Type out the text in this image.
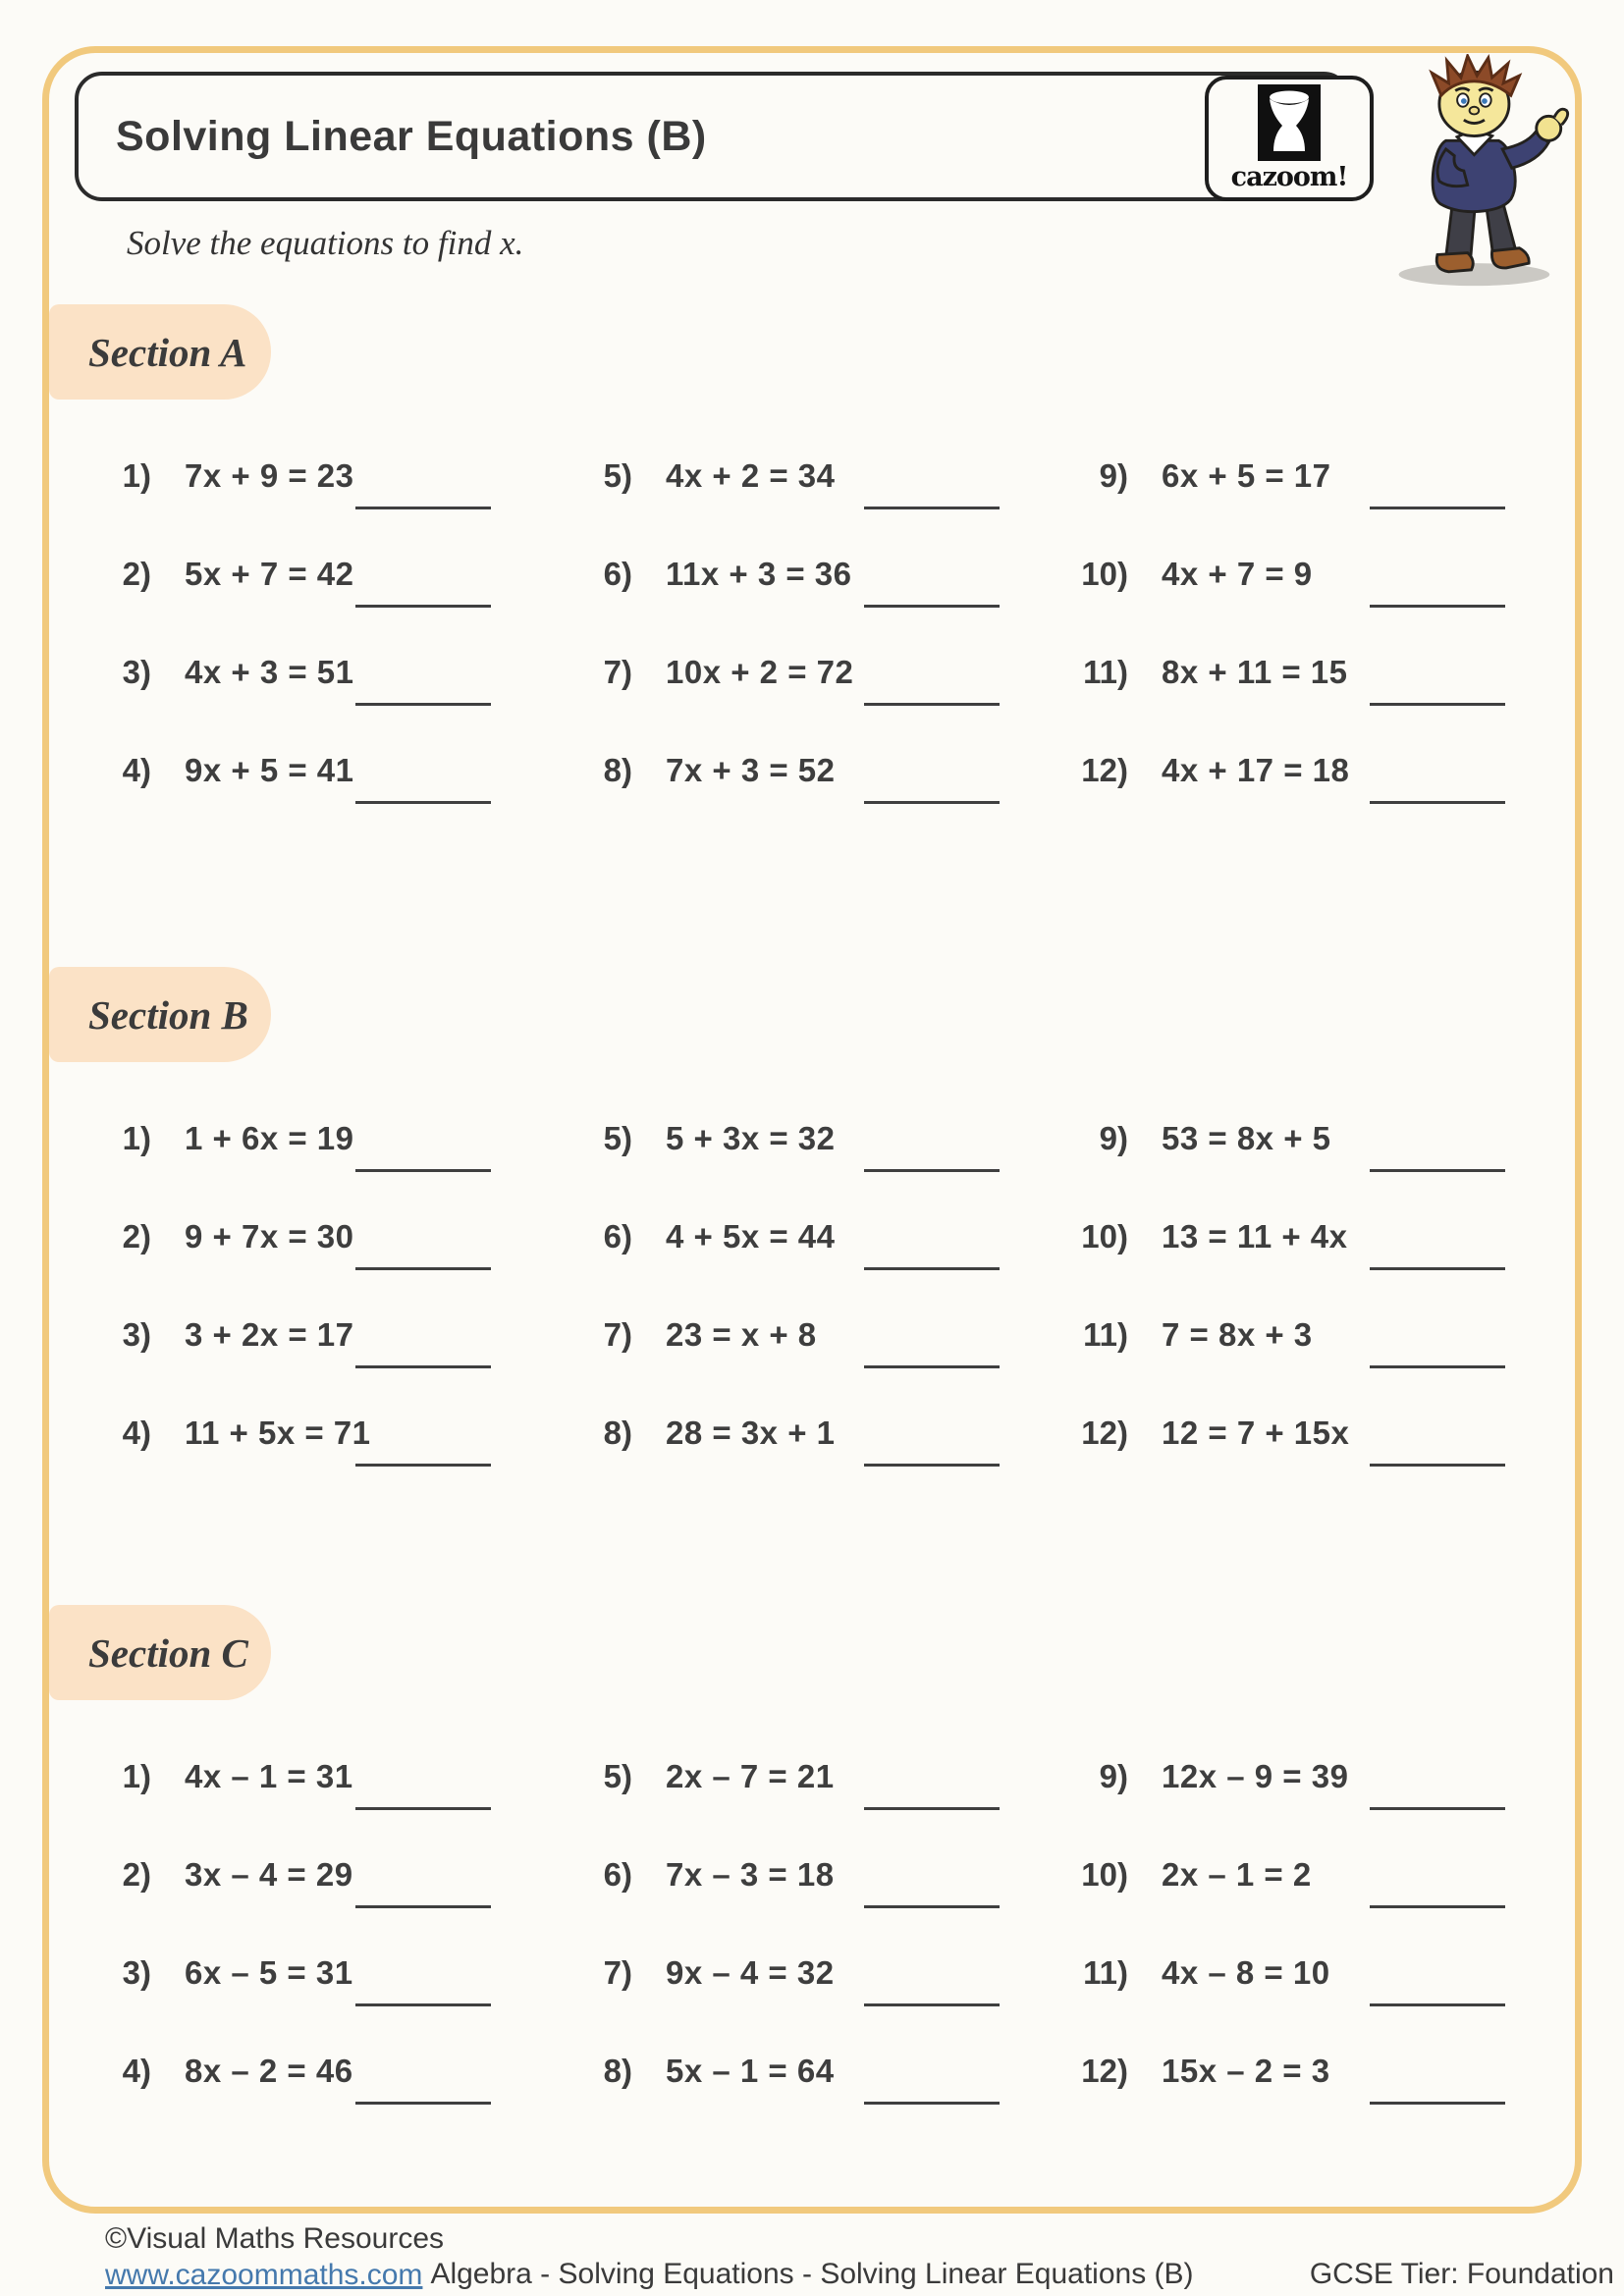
Solving Linear Equations (B)
cazoom!

Solve the equations to find x.

Section A
1) 7x + 9 = 23
2) 5x + 7 = 42
3) 4x + 3 = 51
4) 9x + 5 = 41
5) 4x + 2 = 34
6) 11x + 3 = 36
7) 10x + 2 = 72
8) 7x + 3 = 52
9) 6x + 5 = 17
10) 4x + 7 = 9
11) 8x + 11 = 15
12) 4x + 17 = 18
Section B
1) 1 + 6x = 19
2) 9 + 7x = 30
3) 3 + 2x = 17
4) 11 + 5x = 71
5) 5 + 3x = 32
6) 4 + 5x = 44
7) 23 = x + 8
8) 28 = 3x + 1
9) 53 = 8x + 5
10) 13 = 11 + 4x
11) 7 = 8x + 3
12) 12 = 7 + 15x
Section C
1) 4x – 1 = 31
2) 3x – 4 = 29
3) 6x – 5 = 31
4) 8x – 2 = 46
5) 2x – 7 = 21
6) 7x – 3 = 18
7) 9x – 4 = 32
8) 5x – 1 = 64
9) 12x – 9 = 39
10) 2x – 1 = 2
11) 4x – 8 = 10
12) 15x – 2 = 3
©Visual Maths Resources
www.cazoommaths.com Algebra - Solving Equations - Solving Linear Equations (B)	GCSE Tier: Foundation
